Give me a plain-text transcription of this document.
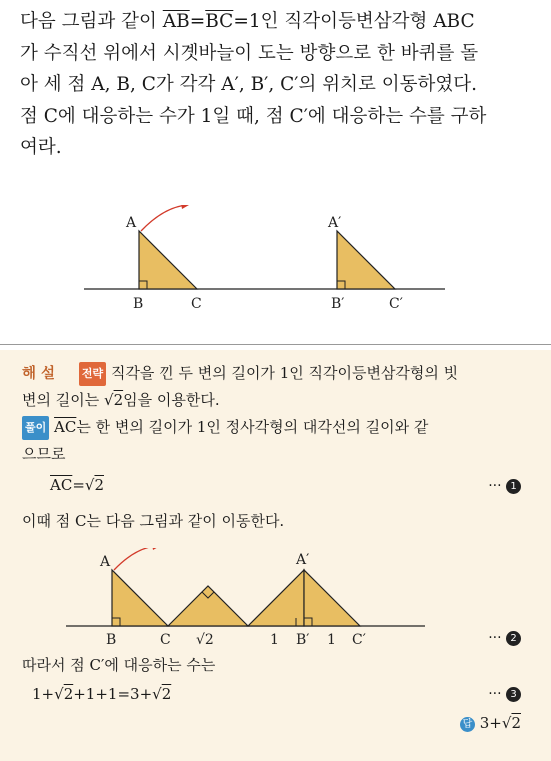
다음 그림과 같이 $\overline{AB}=\overline{BC}=1$인 직각이등변삼각형 ABC

가 수직선 위에서 시곗바늘이 도는 방향으로 한 바퀴를 돌

아 세 점 A, B, C가 각각 A′, B′, C′의 위치로 이동하였다.

점 C에 대응하는 수가 1일 때, 점 C′에 대응하는 수를 구하

여라.

A
B	C
A′
B′	C′
해 설 전략 직각을 낀 두 변의 길이가 1인 직각이등변삼각형의 빗
변의 길이는 √2임을 이용한다.
풀이 $\overline{AC}$는 한 변의 길이가 1인 정사각형의 대각선의 길이와 같
으므로
$\overline{AC}=√2$	··· 1
이때 점 C는 다음 그림과 같이 이동한다.
A
B	C √2	1
A′
B′ 1 C′	··· 2
따라서 점 C′에 대응하는 수는
1+√2+1+1=3+√2	··· 3
답 3+√2
